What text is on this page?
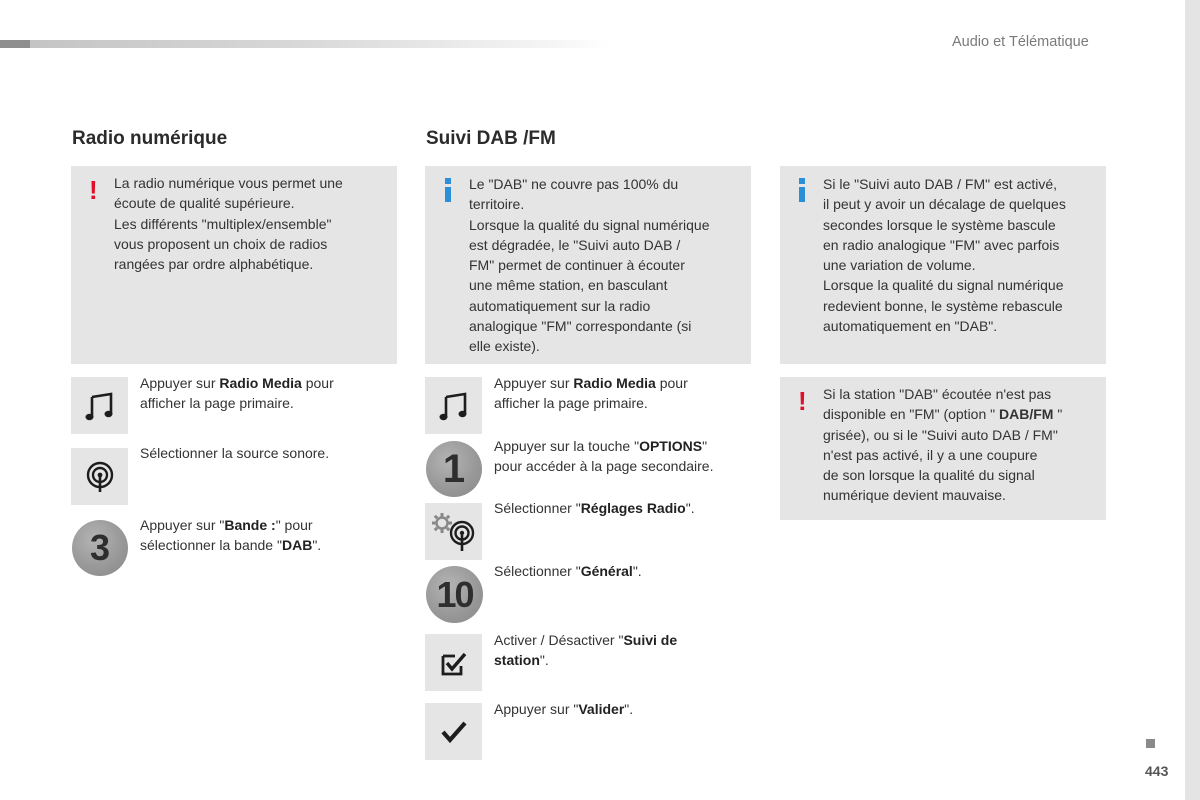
Audio et Télématique
443
Radio numérique
! La radio numérique vous permet une
écoute de qualité supérieure.
Les différents "multiplex/ensemble"
vous proposent un choix de radios
rangées par ordre alphabétique.
Appuyer sur Radio Media pour
afficher la page primaire.
Sélectionner la source sonore.
3
Appuyer sur "Bande :" pour
sélectionner la bande "DAB".
Suivi DAB /FM
Le "DAB" ne couvre pas 100% du
territoire.
Lorsque la qualité du signal numérique
est dégradée, le "Suivi auto DAB /
FM" permet de continuer à écouter
une même station, en basculant
automatiquement sur la radio
analogique "FM" correspondante (si
elle existe).
Appuyer sur Radio Media pour
afficher la page primaire.
1
Appuyer sur la touche "OPTIONS"
pour accéder à la page secondaire.
Sélectionner "Réglages Radio".
10
Sélectionner "Général".
Activer / Désactiver "Suivi de
station".
Appuyer sur "Valider".
Si le "Suivi auto DAB / FM" est activé,
il peut y avoir un décalage de quelques
secondes lorsque le système bascule
en radio analogique "FM" avec parfois
une variation de volume.
Lorsque la qualité du signal numérique
redevient bonne, le système rebascule
automatiquement en "DAB".
! Si la station "DAB" écoutée n'est pas
disponible en "FM" (option " DAB/FM "
grisée), ou si le "Suivi auto DAB / FM"
n'est pas activé, il y a une coupure
de son lorsque la qualité du signal
numérique devient mauvaise.
